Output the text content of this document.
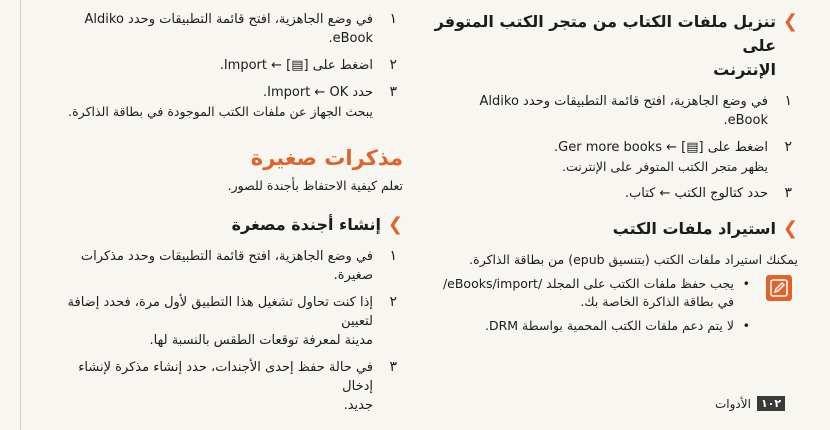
❯
تنزيل ملفات الكتاب من متجر الكتب المتوفر على
الإنترنت
١
في وضع الجاهزية، افتح قائمة التطبيقات وحدد Aldiko
eBook.
٢
اضغط على [▤] ← Ger more books.
يظهر متجر الكتب المتوفر على الإنترنت.
٣
حدد كتالوج الكتب ← كتاب.
❯
استيراد ملفات الكتب
يمكنك استيراد ملفات الكتب (بتنسيق epub) من بطاقة الذاكرة.
•
يجب حفظ ملفات الكتب على المجلد /eBooks/import/
في بطاقة الذاكرة الخاصة بك.
•
لا يتم دعم ملفات الكتب المحمية بواسطة DRM.
١
في وضع الجاهزية، افتح قائمة التطبيقات وحدد Aldiko
eBook.
٢
اضغط على [▤] ← Import.
٣
حدد Import ← OK.
يبحث الجهاز عن ملفات الكتب الموجودة في بطاقة الذاكرة.
مذكرات صغيرة
تعلم كيفية الاحتفاظ بأجندة للصور.
❯
إنشاء أجندة مصغرة
١
في وضع الجاهزية، افتح قائمة التطبيقات وحدد مذكرات صغيرة.
٢
إذا كنت تحاول تشغيل هذا التطبيق لأول مرة، فحدد إضافة لتعيين
مدينة لمعرفة توقعات الطقس بالنسبة لها.
٣
في حالة حفظ إحدى الأجندات، حدد إنشاء مذكرة لإنشاء إدخال
جديد.	١٠٢
الأدوات
